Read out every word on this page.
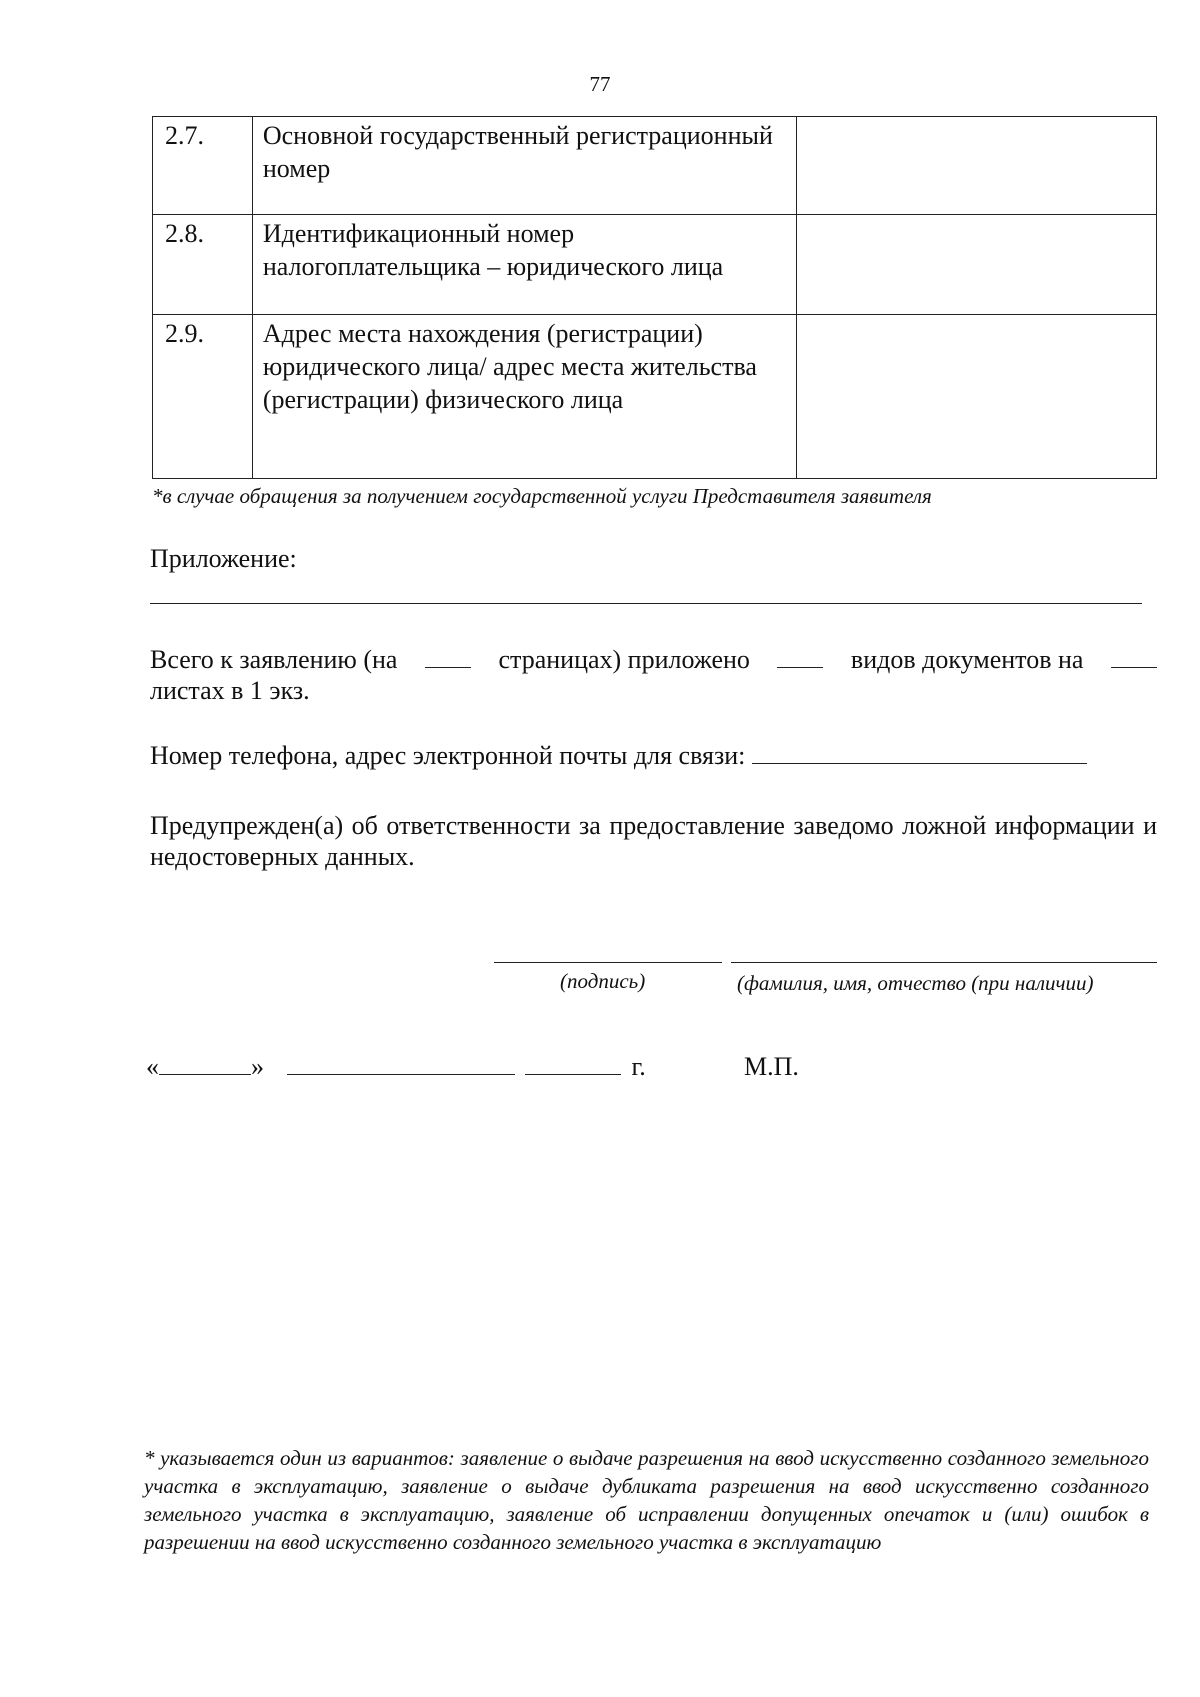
77
2.7.	Основной государственный регистрационный номер	
2.8.	Идентификационный номер налогоплательщика – юридического лица	
2.9.	Адрес места нахождения (регистрации) юридического лица/ адрес места жительства (регистрации) физического лица	
*в случае обращения за получением государственной услуги Представителя заявителя
Приложение:
Всего к заявлению (на	страницах) приложено	видов документов на
листах в 1 экз.
Номер телефона, адрес электронной почты для связи:
Предупрежден(а) об ответственности за предоставление заведомо ложной информации и недостоверных данных.
(подпись)	(фамилия, имя, отчество (при наличии)
«	»	г.	М.П.
* указывается один из вариантов: заявление о выдаче разрешения на ввод искусственно созданного земельного участка в эксплуатацию, заявление о выдаче дубликата разрешения на ввод искусственно созданного земельного участка в эксплуатацию, заявление об исправлении допущенных опечаток и (или) ошибок в разрешении на ввод искусственно созданного земельного участка в эксплуатацию
